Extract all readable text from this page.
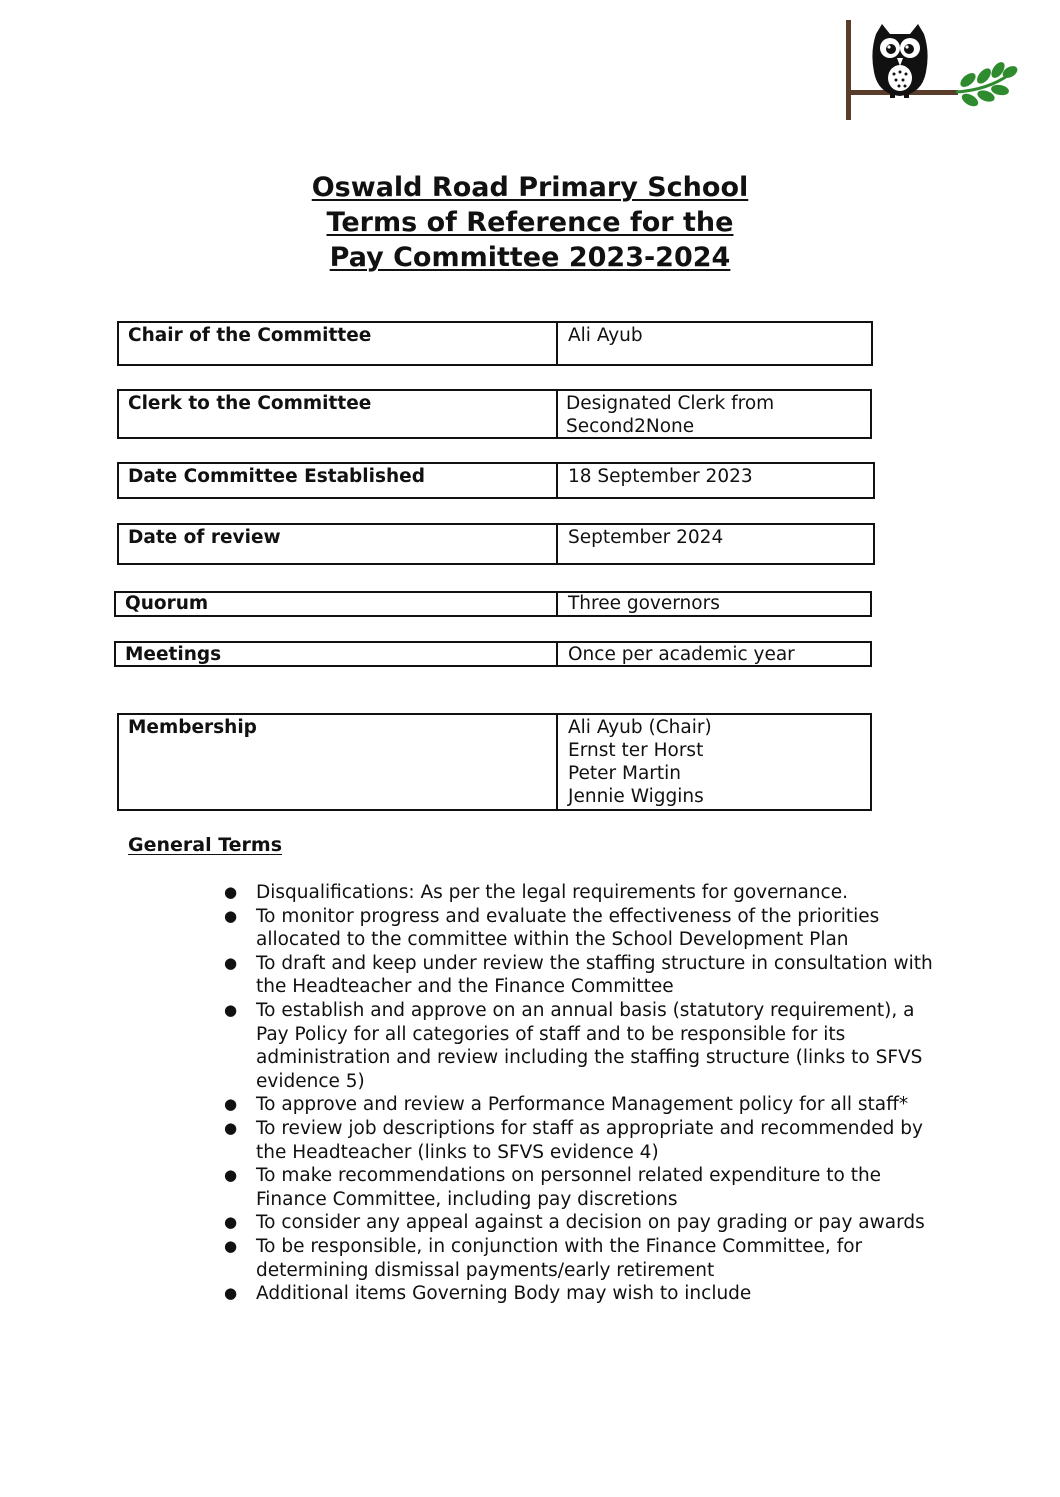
Oswald Road Primary School
Terms of Reference for the
Pay Committee 2023-2024
Chair of the Committee	Ali Ayub
Clerk to the Committee	Designated Clerk from
Second2None
Date Committee Established	18 September 2023
Date of review	September 2024
Quorum	Three governors
Meetings	Once per academic year
Membership	Ali Ayub (Chair)
Ernst ter Horst
Peter Martin
Jennie Wiggins
General Terms
● Disqualifications: As per the legal requirements for governance.
● To monitor progress and evaluate the effectiveness of the priorities allocated to the committee within the School Development Plan
● To draft and keep under review the staffing structure in consultation with the Headteacher and the Finance Committee
● To establish and approve on an annual basis (statutory requirement), a Pay Policy for all categories of staff and to be responsible for its administration and review including the staffing structure (links to SFVS evidence 5)
● To approve and review a Performance Management policy for all staff*
● To review job descriptions for staff as appropriate and recommended by the Headteacher (links to SFVS evidence 4)
● To make recommendations on personnel related expenditure to the Finance Committee, including pay discretions
● To consider any appeal against a decision on pay grading or pay awards
● To be responsible, in conjunction with the Finance Committee, for determining dismissal payments/early retirement
● Additional items Governing Body may wish to include
